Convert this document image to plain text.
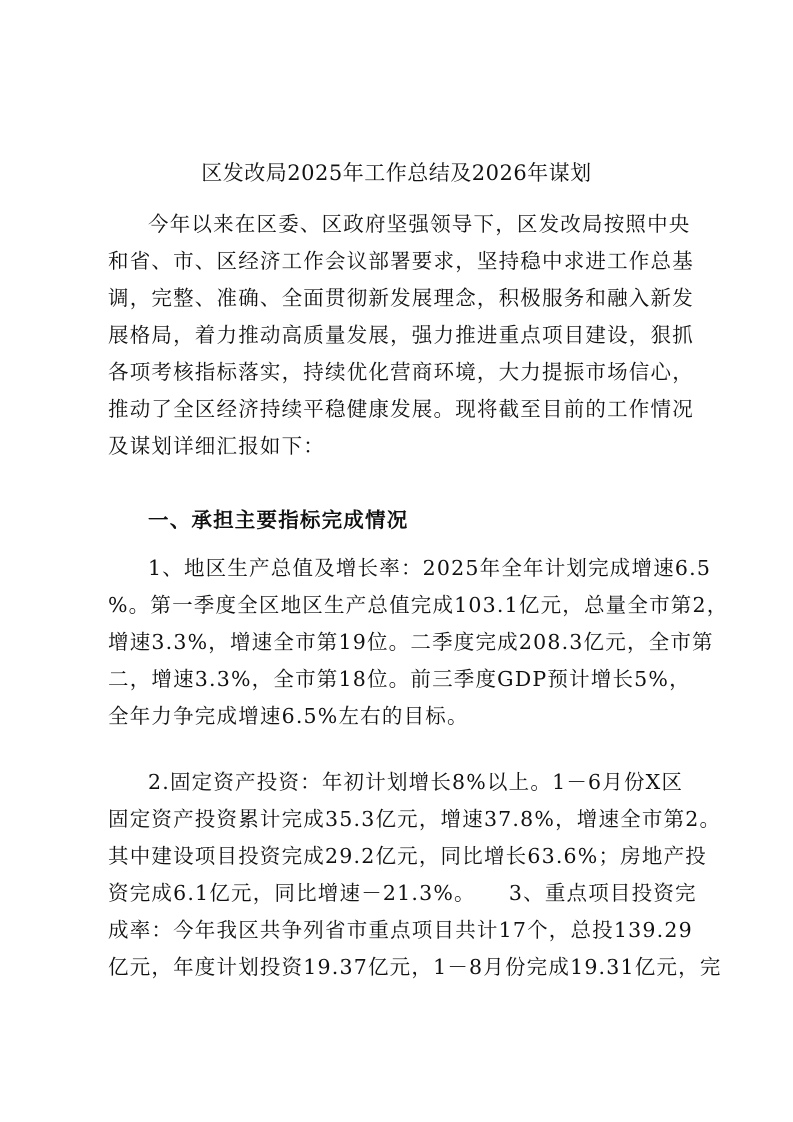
区发改局2025年工作总结及2026年谋划
今年以来在区委、区政府坚强领导下，区发改局按照中央
和省、市、区经济工作会议部署要求，坚持稳中求进工作总基
调，完整、准确、全面贯彻新发展理念，积极服务和融入新发
展格局，着力推动高质量发展，强力推进重点项目建设，狠抓
各项考核指标落实，持续优化营商环境，大力提振市场信心，
推动了全区经济持续平稳健康发展。现将截至目前的工作情况
及谋划详细汇报如下：
一、承担主要指标完成情况
1、地区生产总值及增长率：2025年全年计划完成增速6.5
%。第一季度全区地区生产总值完成103.1亿元，总量全市第2，
增速3.3%，增速全市第19位。二季度完成208.3亿元，全市第
二，增速3.3%，全市第18位。前三季度GDP预计增长5%，
全年力争完成增速6.5%左右的目标。
2.固定资产投资：年初计划增长8%以上。1－6月份X区
固定资产投资累计完成35.3亿元，增速37.8%，增速全市第2。
其中建设项目投资完成29.2亿元，同比增长63.6%；房地产投
资完成6.1亿元，同比增速－21.3%。　　3、重点项目投资完
成率：今年我区共争列省市重点项目共计17个，总投139.29
亿元，年度计划投资19.37亿元，1－8月份完成19.31亿元，完
